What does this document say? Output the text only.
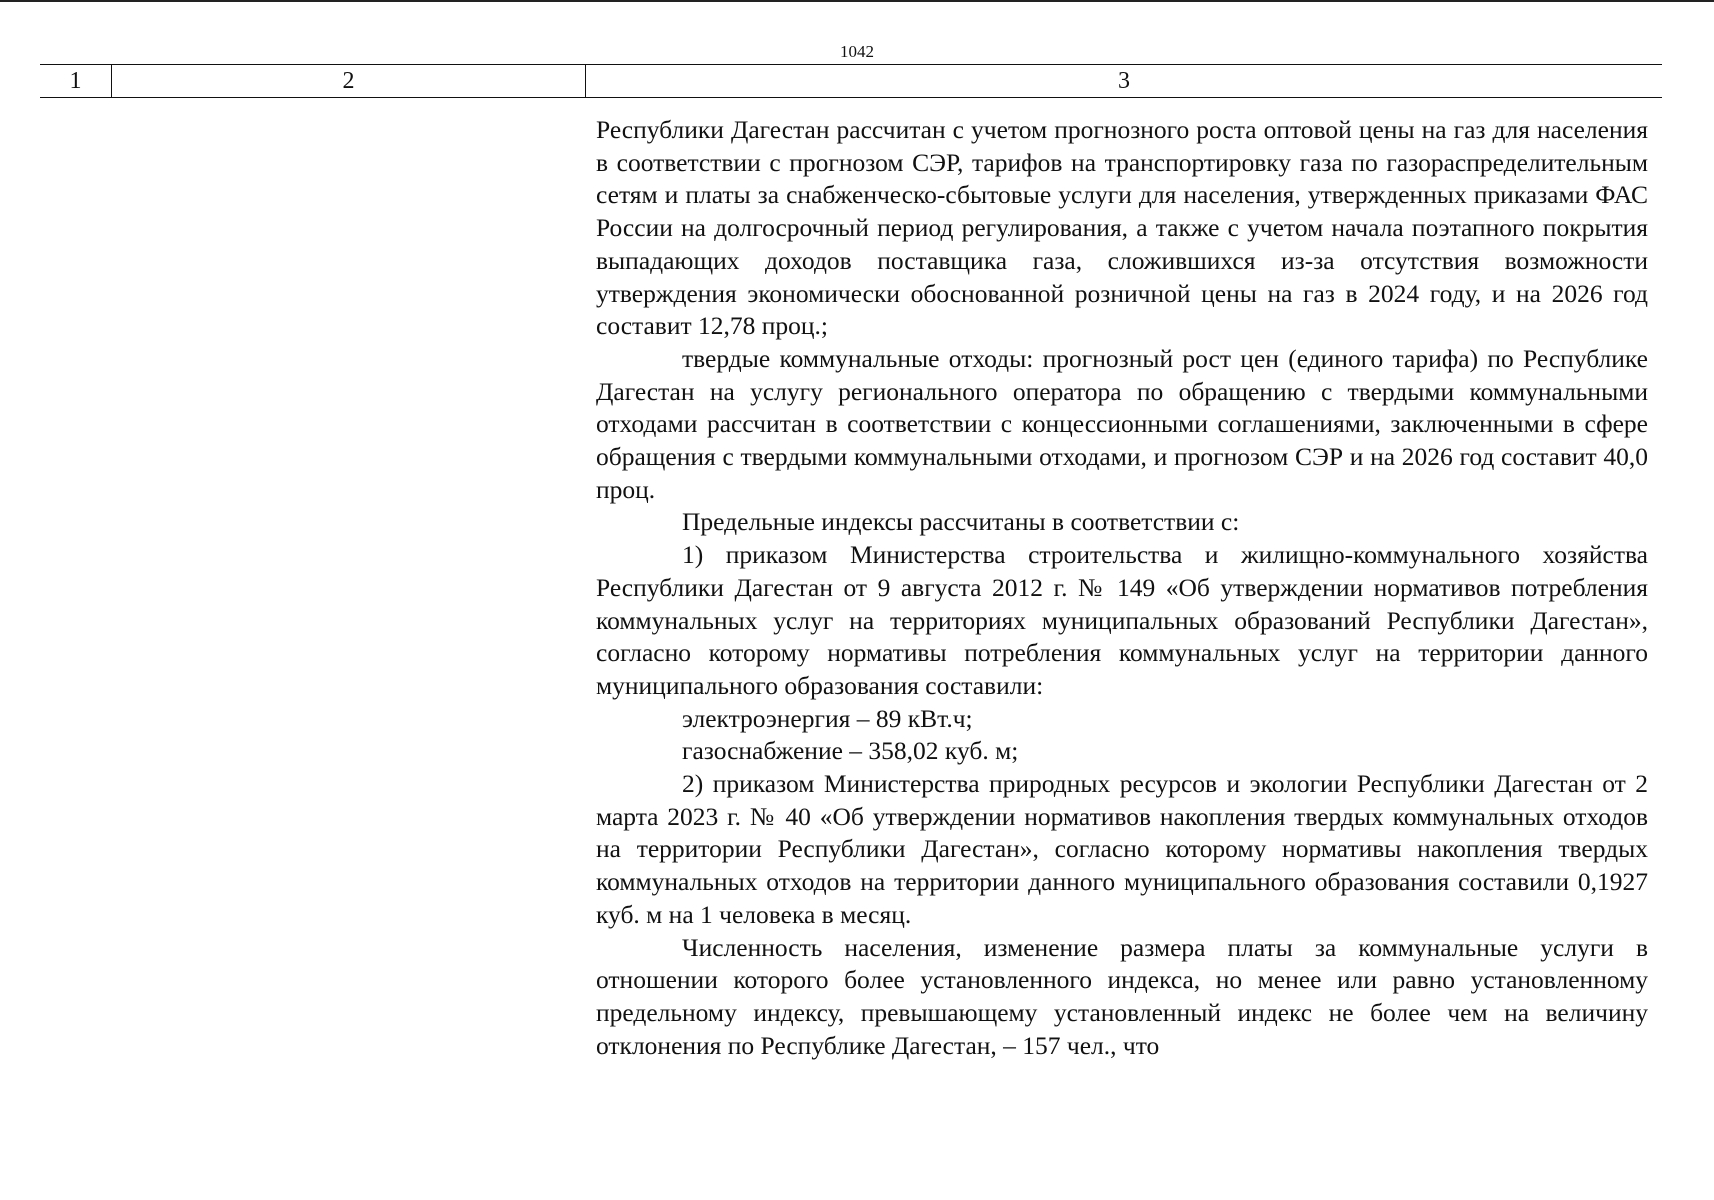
1042
1	2	3

Республики Дагестан рассчитан с учетом прогнозного роста оптовой цены на газ для населения в соответствии с прогнозом СЭР, тарифов на транспортировку газа по газораспределительным сетям и платы за снабженческо-сбытовые услуги для населения, утвержденных приказами ФАС России на долгосрочный период регулирования, а также с учетом начала поэтапного покрытия выпадающих доходов поставщика газа, сложившихся из-за отсутствия возможности утверждения экономически обоснованной розничной цены на газ в 2024 году, и на 2026 год составит 12,78 проц.;

твердые коммунальные отходы: прогнозный рост цен (единого тарифа) по Республике Дагестан на услугу регионального оператора по обращению с твердыми коммунальными отходами рассчитан в соответствии с концессионными соглашениями, заключенными в сфере обращения с твердыми коммунальными отходами, и прогнозом СЭР и на 2026 год составит 40,0 проц.

Предельные индексы рассчитаны в соответствии с:

1) приказом Министерства строительства и жилищно-коммунального хозяйства Республики Дагестан от 9 августа 2012 г. № 149 «Об утверждении нормативов потребления коммунальных услуг на территориях муниципальных образований Республики Дагестан», согласно которому нормативы потребления коммунальных услуг на территории данного муниципального образования составили:

электроэнергия – 89 кВт.ч;

газоснабжение – 358,02 куб. м;

2) приказом Министерства природных ресурсов и экологии Республики Дагестан от 2 марта 2023 г. № 40 «Об утверждении нормативов накопления твердых коммунальных отходов на территории Республики Дагестан», согласно которому нормативы накопления твердых коммунальных отходов на территории данного муниципального образования составили 0,1927 куб. м на 1 человека в месяц.

Численность населения, изменение размера платы за коммунальные услуги в отношении которого более установленного индекса, но менее или равно установленному предельному индексу, превышающему установленный индекс не более чем на величину отклонения по Республике Дагестан, – 157 чел., что
